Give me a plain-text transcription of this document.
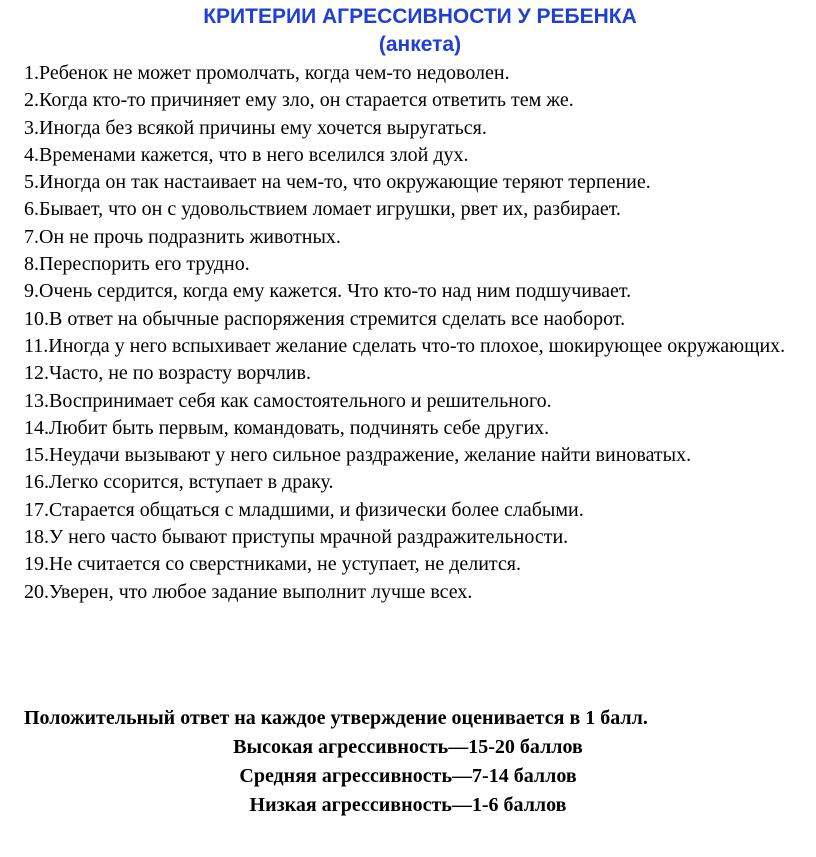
КРИТЕРИИ АГРЕССИВНОСТИ У РЕБЕНКА
(анкета)
1.Ребенок не может промолчать, когда чем-то недоволен.
2.Когда кто-то причиняет ему зло, он старается ответить тем же.
3.Иногда без всякой причины ему хочется выругаться.
4.Временами кажется, что в него вселился злой дух.
5.Иногда он так настаивает на чем-то, что окружающие теряют терпение.
6.Бывает, что он с удовольствием ломает игрушки, рвет их, разбирает.
7.Он не прочь подразнить животных.
8.Переспорить его трудно.
9.Очень сердится, когда ему кажется. Что кто-то над ним подшучивает.
10.В ответ на обычные распоряжения стремится сделать все наоборот.
11.Иногда у него вспыхивает желание сделать что-то плохое, шокирующее окружающих.
12.Часто, не по возрасту ворчлив.
13.Воспринимает себя как самостоятельного и решительного.
14.Любит быть первым, командовать, подчинять себе других.
15.Неудачи вызывают у него сильное раздражение, желание найти виноватых.
16.Легко ссорится, вступает в драку.
17.Старается общаться с младшими, и физически более слабыми.
18.У него часто бывают приступы мрачной раздражительности.
19.Не считается со сверстниками, не уступает, не делится.
20.Уверен, что любое задание выполнит лучше всех.

Положительный ответ на каждое утверждение оценивается в 1 балл.

Высокая агрессивность—15-20 баллов

Средняя агрессивность—7-14 баллов

Низкая агрессивность—1-6 баллов
